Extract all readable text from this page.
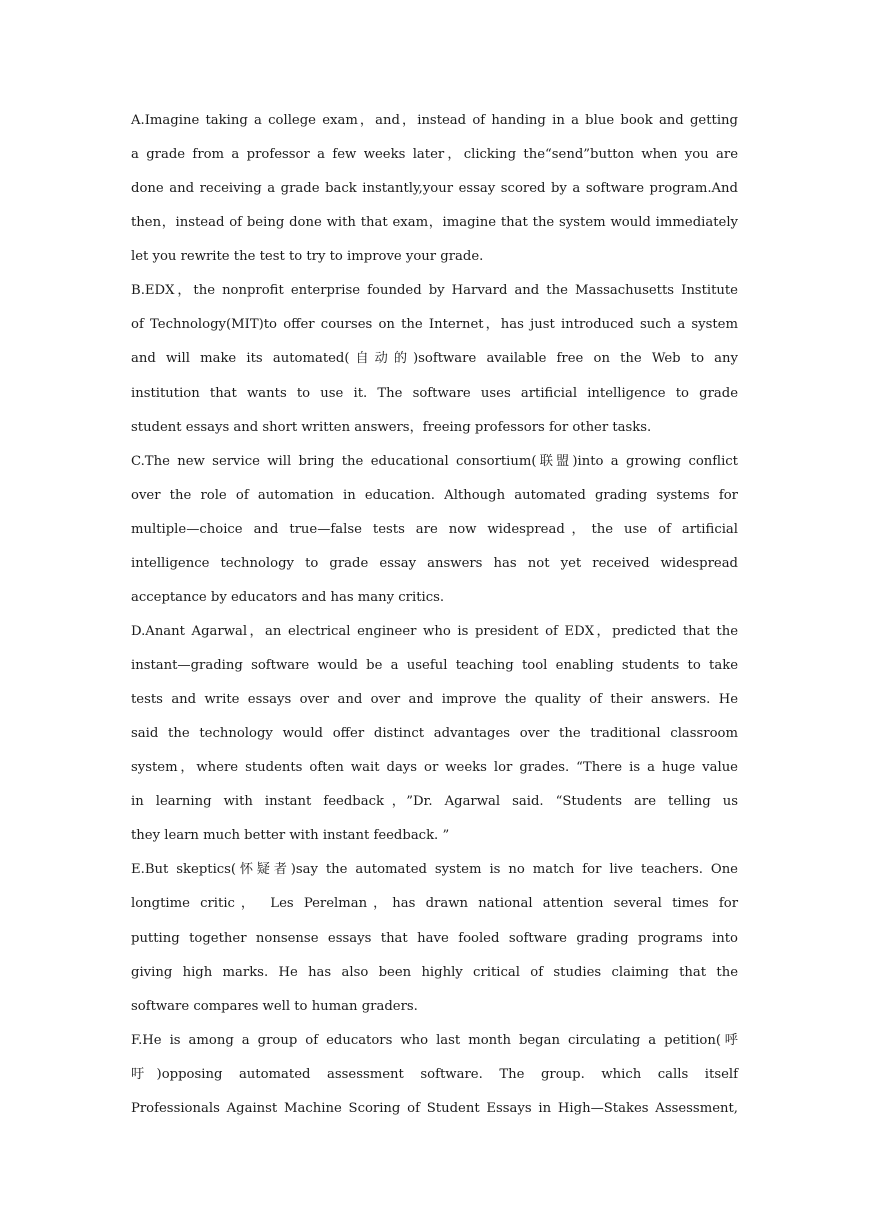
A.Imagine taking a college exam，and，instead of handing in a blue book and getting
a grade from a professor a few weeks later，clicking the“send”button when you are
done and receiving a grade back instantly,your essay scored by a software program.And
then，instead of being done with that exam，imagine that the system would immediately
let you rewrite the test to try to improve your grade.
B.EDX，the nonprofit enterprise founded by Harvard and the Massachusetts Institute
of Technology(MIT)to offer courses on the Internet，has just introduced such a system
and will make its automated(自动的)software available free on the Web to any
institution that wants to use it. The software uses artificial intelligence to grade
student essays and short written answers，freeing professors for other tasks.
C.The new service will bring the educational consortium(联盟)into a growing conflict
over the role of automation in education. Although automated grading systems for
multiple—choice and true—false tests are now widespread，the use of artificial
intelligence technology to grade essay answers has not yet received widespread
acceptance by educators and has many critics.
D.Anant Agarwal，an electrical engineer who is president of EDX，predicted that the
instant—grading software would be a useful teaching tool enabling students to take
tests and write essays over and over and improve the quality of their answers. He
said the technology would offer distinct advantages over the traditional classroom
system，where students often wait days or weeks lor grades. “There is a huge value
in learning with instant feedback，”Dr. Agarwal said. “Students are telling us
they learn much better with instant feedback. ”
E.But skeptics(怀疑者)say the automated system is no match for live teachers. One
longtime critic， Les Perelman，has drawn national attention several times for
putting together nonsense essays that have fooled software grading programs into
giving high marks. He has also been highly critical of studies claiming that the
software compares well to human graders.
F.He is among a group of educators who last month began circulating a petition(呼
吁)opposing automated assessment software. The group. which calls itself
Professionals Against Machine Scoring of Student Essays in High—Stakes Assessment,
